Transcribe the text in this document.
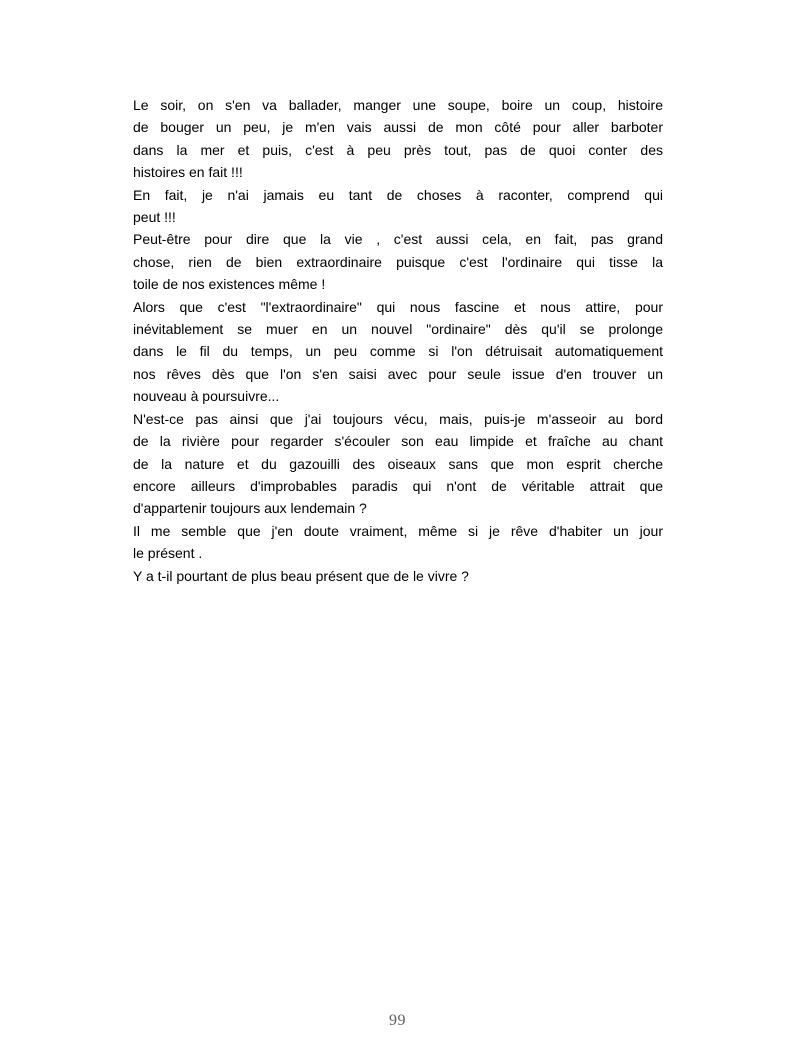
Le soir, on s'en va ballader, manger une soupe, boire un coup, histoire
de bouger un peu, je m'en vais aussi de mon côté pour aller barboter
dans la mer et puis, c'est à peu près tout, pas de quoi conter des
histoires en fait !!!
En fait, je n'ai jamais eu tant de choses à raconter, comprend qui
peut !!!
Peut-être pour dire que la vie , c'est aussi cela, en fait, pas grand
chose, rien de bien extraordinaire puisque c'est l'ordinaire qui tisse la
toile de nos existences même !
Alors que c'est "l'extraordinaire" qui nous fascine et nous attire, pour
inévitablement se muer en un nouvel "ordinaire" dès qu'il se prolonge
dans le fil du temps, un peu comme si l'on détruisait automatiquement
nos rêves dès que l'on s'en saisi avec pour seule issue d'en trouver un
nouveau à poursuivre...
N'est-ce pas ainsi que j'ai toujours vécu, mais, puis-je m'asseoir au bord
de la rivière pour regarder s'écouler son eau limpide et fraîche au chant
de la nature et du gazouilli des oiseaux sans que mon esprit cherche
encore ailleurs d'improbables paradis qui n'ont de véritable attrait que
d'appartenir toujours aux lendemain ?
Il me semble que j'en doute vraiment, même si je rêve d'habiter un jour
le présent .
Y a t-il pourtant de plus beau présent que de le vivre ?
99
